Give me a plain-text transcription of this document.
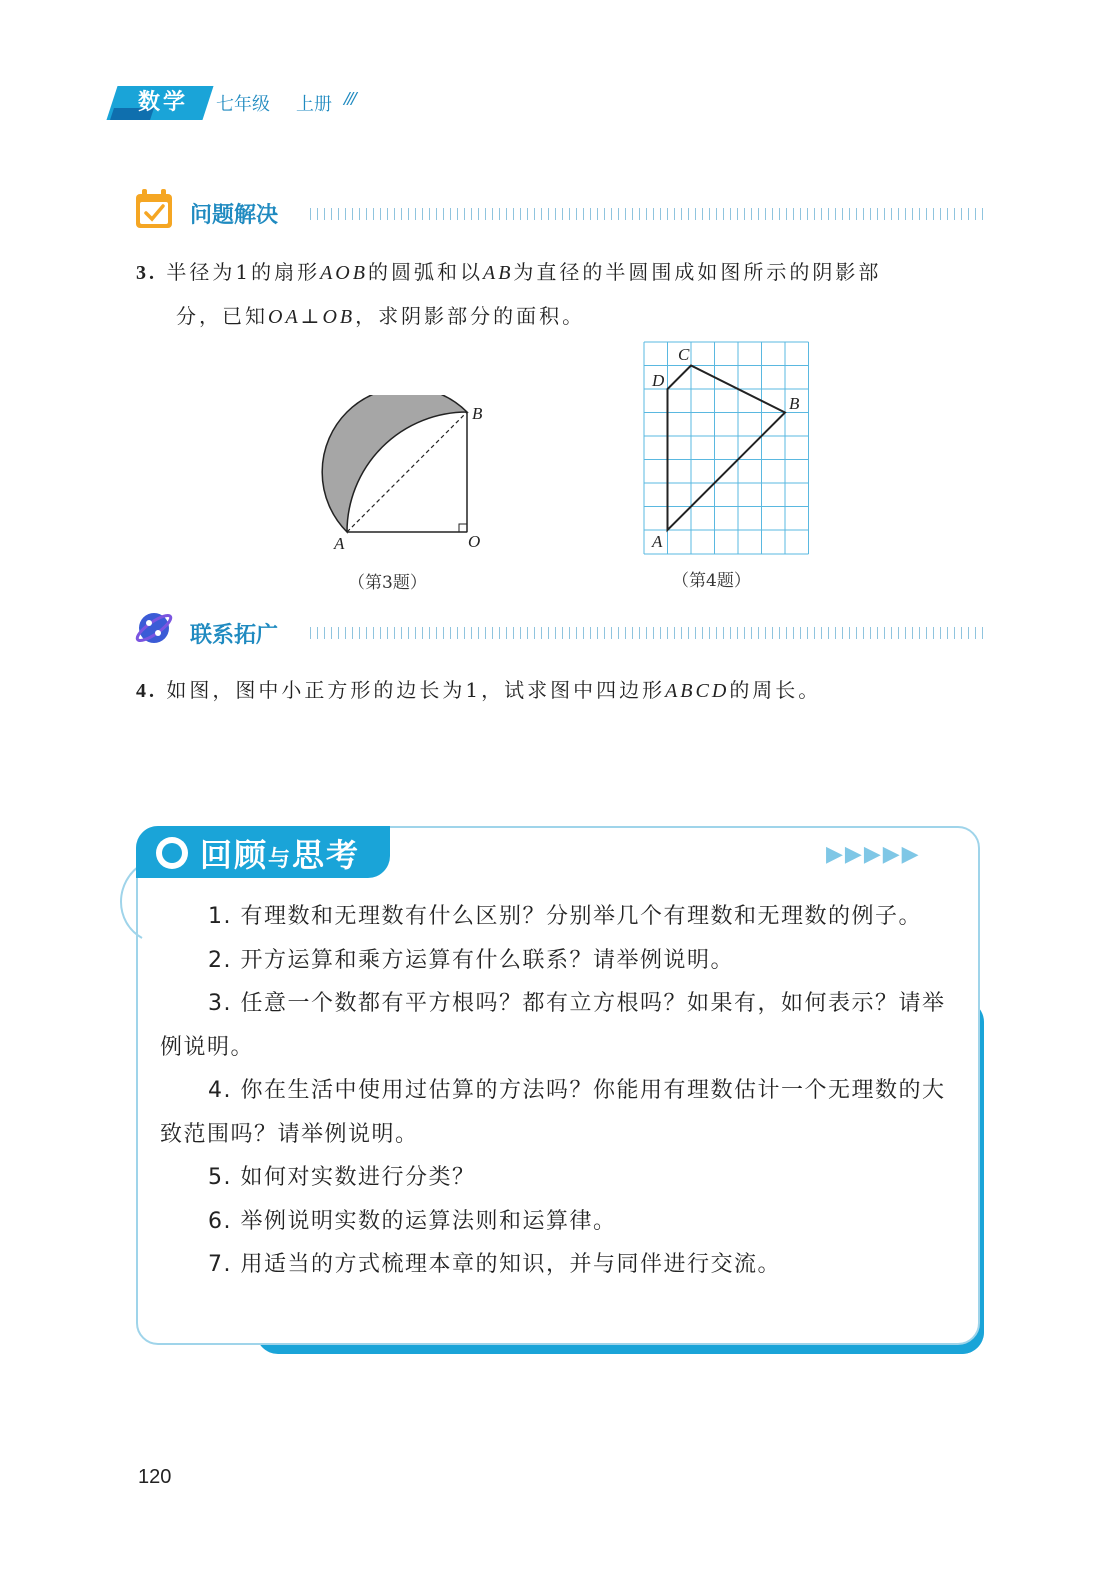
数学	七年级 上册 ///
问题解决
3. 半径为1的扇形AOB的圆弧和以AB为直径的半圆围成如图所示的阴影部
分，已知OA⊥OB，求阴影部分的面积。
A
B
O
（第3题）
C
D
B
A
（第4题）
联系拓广
4. 如图，图中小正方形的边长为1，试求图中四边形ABCD的周长。
回顾与思考	▶▶▶▶▶

1. 有理数和无理数有什么区别？分别举几个有理数和无理数的例子。

2. 开方运算和乘方运算有什么联系？请举例说明。

3. 任意一个数都有平方根吗？都有立方根吗？如果有，如何表示？请举例说明。

4. 你在生活中使用过估算的方法吗？你能用有理数估计一个无理数的大致范围吗？请举例说明。

5. 如何对实数进行分类？

6. 举例说明实数的运算法则和运算律。

7. 用适当的方式梳理本章的知识，并与同伴进行交流。

120
